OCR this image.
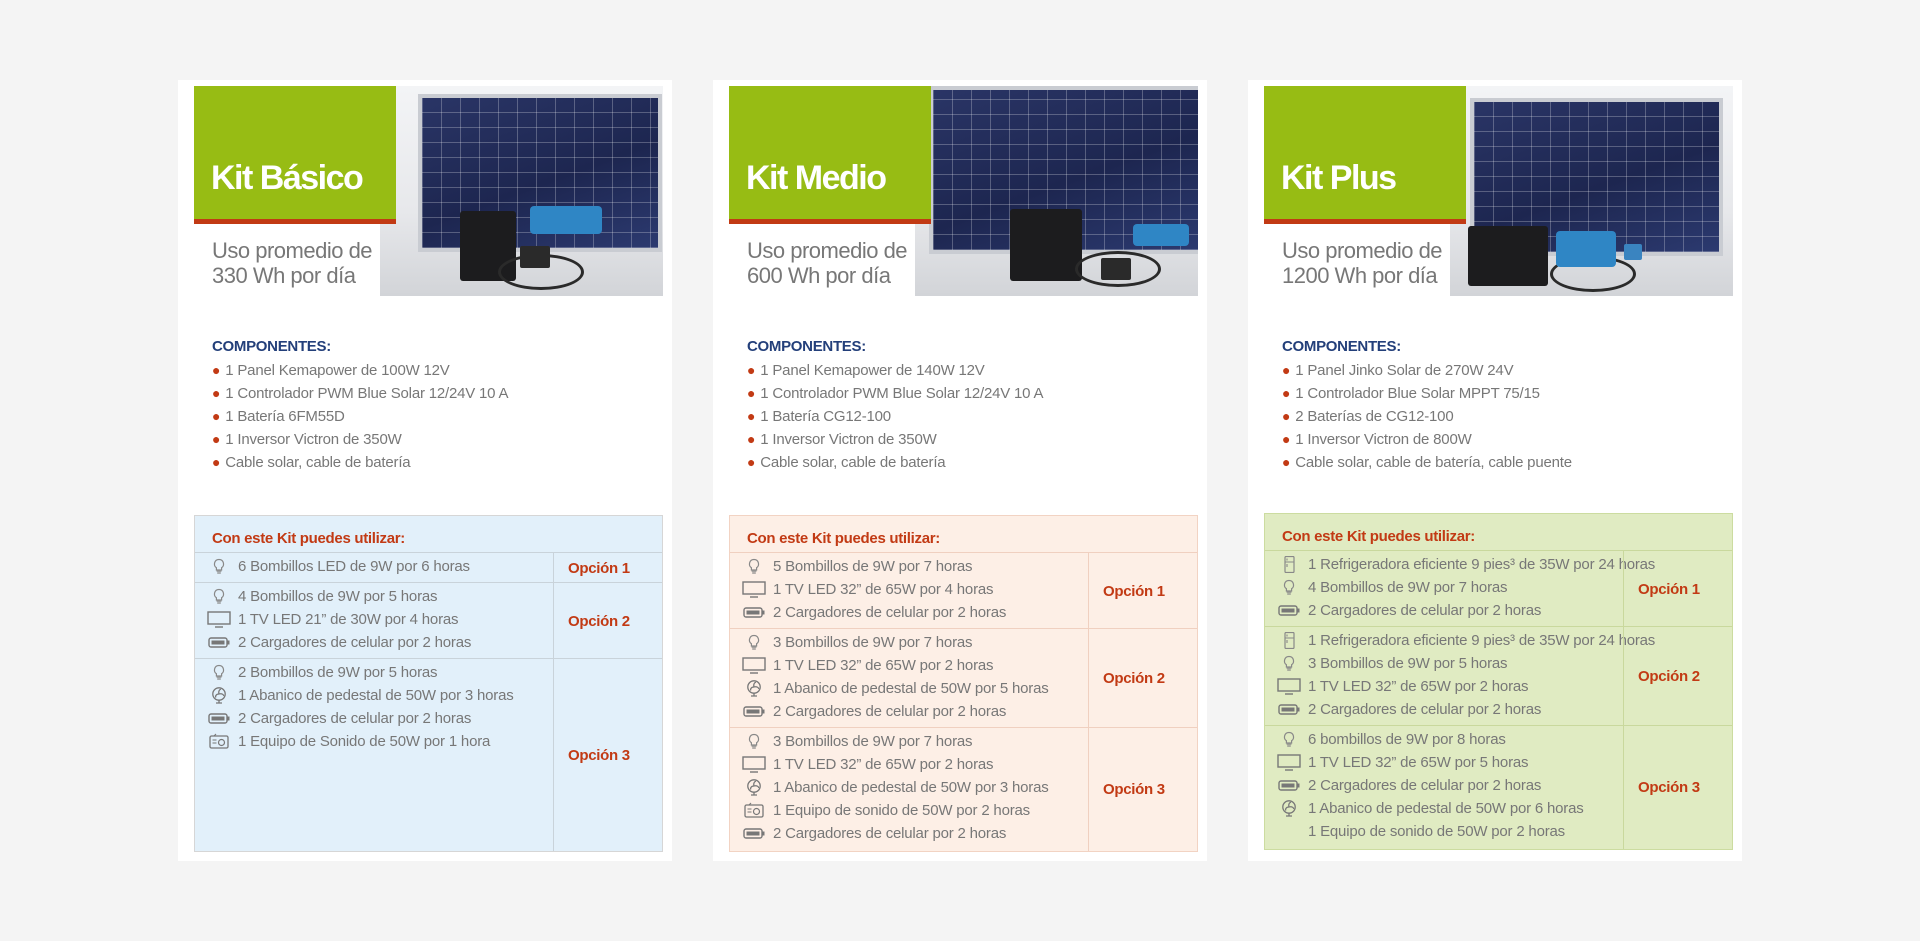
Kit Básico
Uso promedio de
330 Wh por día
COMPONENTES:
● 1 Panel Kemapower de 100W 12V
● 1 Controlador PWM Blue Solar 12/24V 10 A
● 1 Batería 6FM55D
● 1 Inversor Victron de 350W
● Cable solar, cable de batería
Con este Kit puedes utilizar:
6 Bombillos LED de 9W por 6 horas	Opción 1
4 Bombillos de 9W por 5 horas
1 TV LED 21” de 30W por 4 horas
2 Cargadores de celular por 2 horas
Opción 2
2 Bombillos de 9W por 5 horas
1 Abanico de pedestal de 50W por 3 horas
2 Cargadores de celular por 2 horas
1 Equipo de Sonido de 50W por 1 hora
Opción 3
Kit Medio
Uso promedio de
600 Wh por día
COMPONENTES:
● 1 Panel Kemapower de 140W 12V
● 1 Controlador PWM Blue Solar 12/24V 10 A
● 1 Batería CG12-100
● 1 Inversor Victron de 350W
● Cable solar, cable de batería
Con este Kit puedes utilizar:
5 Bombillos de 9W por 7 horas
1 TV LED 32” de 65W por 4 horas
2 Cargadores de celular por 2 horas
Opción 1
3 Bombillos de 9W por 7 horas
1 TV LED 32” de 65W por 2 horas
1 Abanico de pedestal de 50W por 5 horas
2 Cargadores de celular por 2 horas
Opción 2
3 Bombillos de 9W por 7 horas
1 TV LED 32” de 65W por 2 horas
1 Abanico de pedestal de 50W por 3 horas
1 Equipo de sonido de 50W por 2 horas
2 Cargadores de celular por 2 horas
Opción 3
Kit Plus
Uso promedio de
1200 Wh por día
COMPONENTES:
● 1 Panel Jinko Solar de 270W 24V
● 1 Controlador Blue Solar MPPT 75/15
● 2 Baterías de CG12-100
● 1 Inversor Victron de 800W
● Cable solar, cable de batería, cable puente
Con este Kit puedes utilizar:
1 Refrigeradora eficiente 9 pies³ de 35W por 24 horas
4 Bombillos de 9W por 7 horas
2 Cargadores de celular por 2 horas
Opción 1
1 Refrigeradora eficiente 9 pies³ de 35W por 24 horas
3 Bombillos de 9W por 5 horas
1 TV LED 32” de 65W por 2 horas
2 Cargadores de celular por 2 horas
Opción 2
6 bombillos de 9W por 8 horas
1 TV LED 32” de 65W por 5 horas
2 Cargadores de celular por 2 horas
1 Abanico de pedestal de 50W por 6 horas
1 Equipo de sonido de 50W por 2 horas
Opción 3
